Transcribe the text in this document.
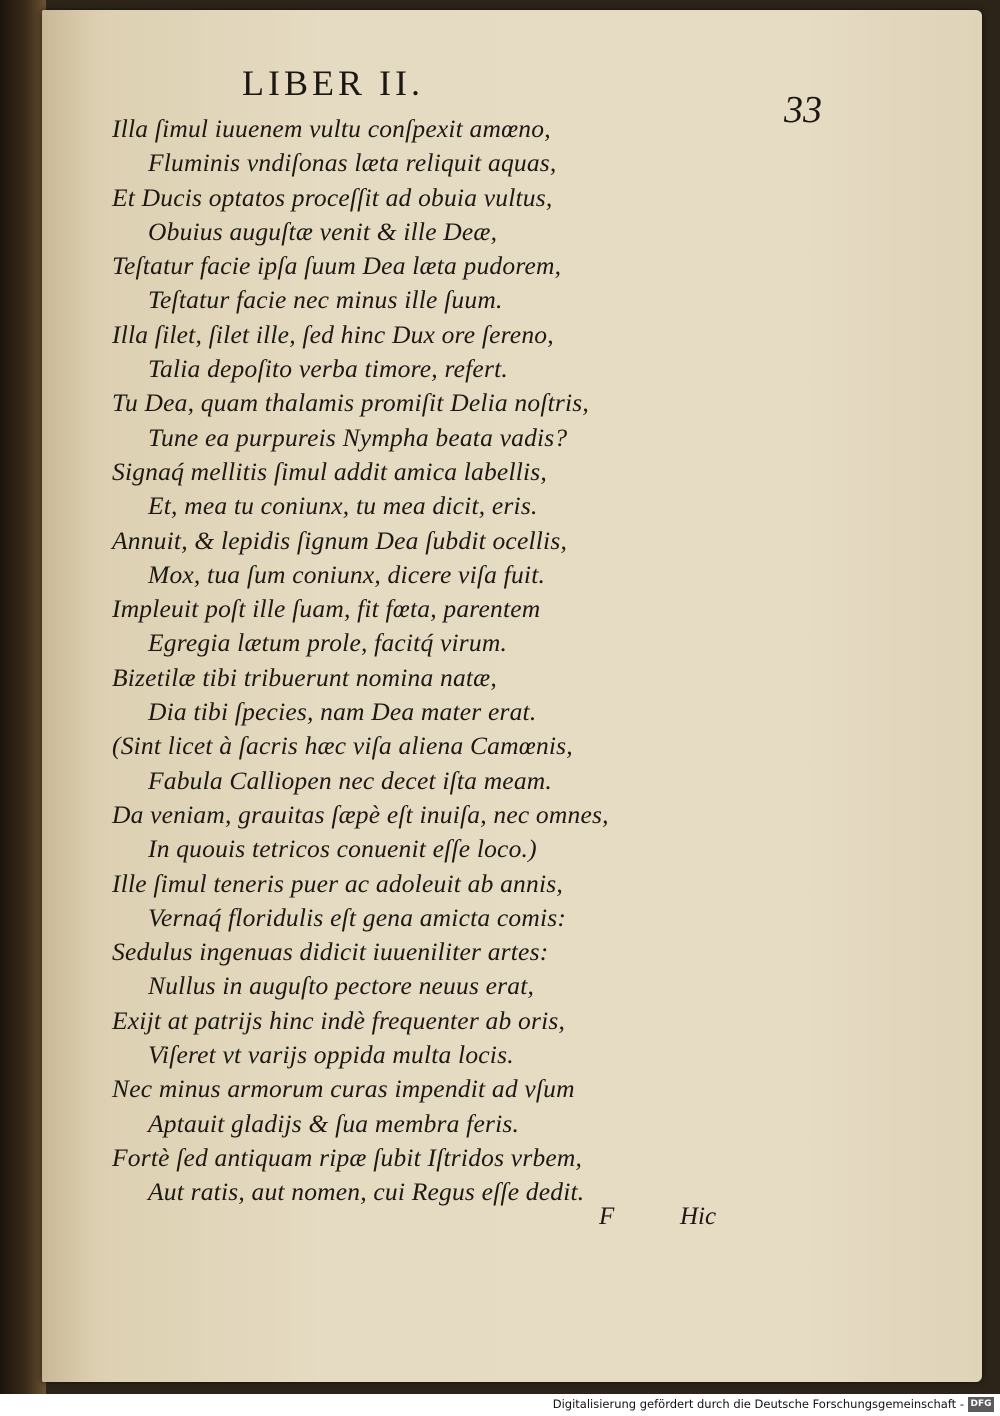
LIBER II.
33
Illa ſimul iuuenem vultu conſpexit amœno,
Fluminis vndiſonas læta reliquit aquas,
Et Ducis optatos proceſſit ad obuia vultus,
Obuius auguſtæ venit & ille Deæ,
Teſtatur facie ipſa ſuum Dea læta pudorem,
Teſtatur facie nec minus ille ſuum.
Illa ſilet, ſilet ille, ſed hinc Dux ore ſereno,
Talia depoſito verba timore, refert.
Tu Dea, quam thalamis promiſit Delia noſtris,
Tune ea purpureis Nympha beata vadis?
Signaq́ mellitis ſimul addit amica labellis,
Et, mea tu coniunx, tu mea dicit, eris.
Annuit, & lepidis ſignum Dea ſubdit ocellis,
Mox, tua ſum coniunx, dicere viſa fuit.
Impleuit poſt ille ſuam, fit fœta, parentem
Egregia lætum prole, facitq́ virum.
Bizetilæ tibi tribuerunt nomina natæ,
Dia tibi ſpecies, nam Dea mater erat.
(Sint licet à ſacris hæc viſa aliena Camœnis,
Fabula Calliopen nec decet iſta meam.
Da veniam, grauitas ſæpè eſt inuiſa, nec omnes,
In quouis tetricos conuenit eſſe loco.)
Ille ſimul teneris puer ac adoleuit ab annis,
Vernaq́ floridulis eſt gena amicta comis:
Sedulus ingenuas didicit iuueniliter artes:
Nullus in auguſto pectore neuus erat,
Exijt at patrijs hinc indè frequenter ab oris,
Viſeret vt varijs oppida multa locis.
Nec minus armorum curas impendit ad vſum
Aptauit gladijs & ſua membra feris.
Fortè ſed antiquam ripæ ſubit Iſtridos vrbem,
Aut ratis, aut nomen, cui Regus eſſe dedit.
F	Hic
Digitalisierung gefördert durch die Deutsche Forschungsgemeinschaft - DFG
